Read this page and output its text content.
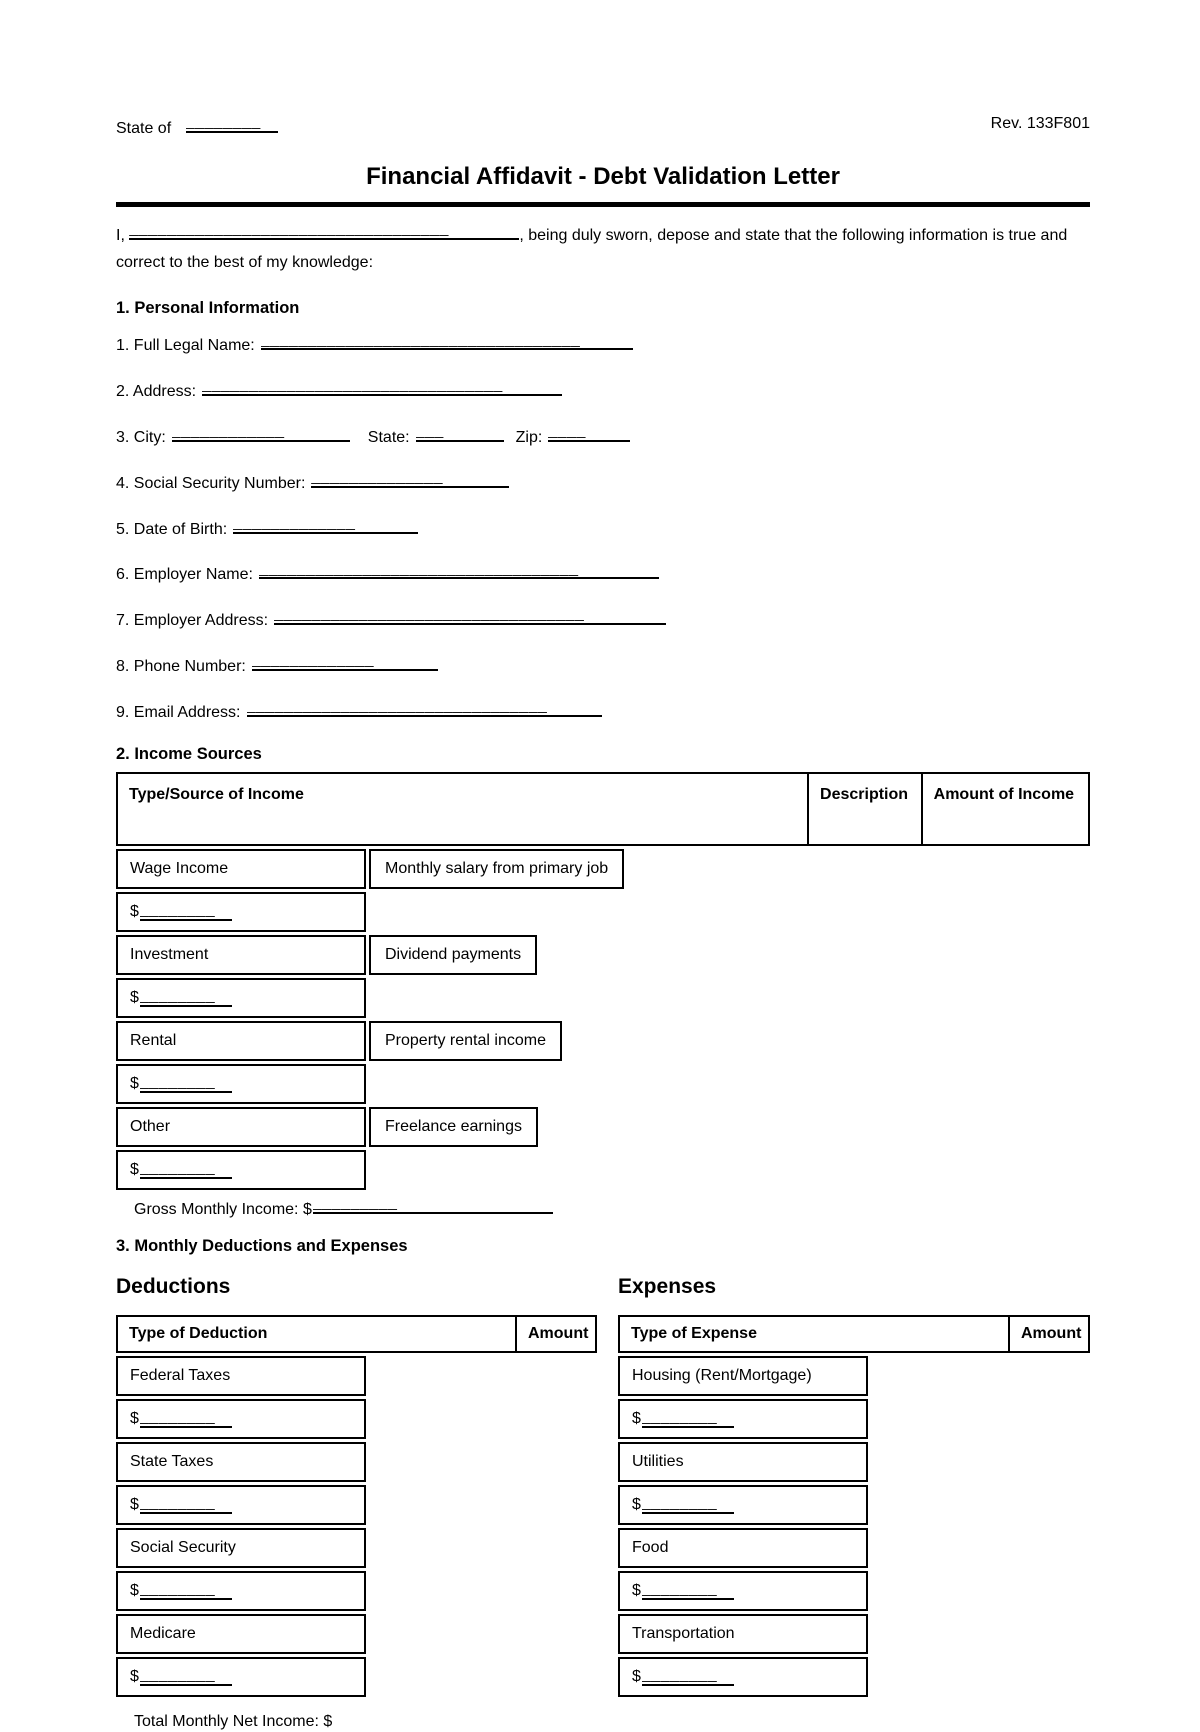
State of ________	Rev. 133F801
Financial Affidavit - Debt Validation Letter

I, __________________________________	, being duly sworn, depose and state that the following information is true and correct to the best of my knowledge:

1. Personal Information

1. Full Legal Name: __________________________________

2. Address: ________________________________

3. City: ____________	State: ___	Zip: ____

4. Social Security Number: ______________

5. Date of Birth: _____________

6. Employer Name: __________________________________

7. Employer Address: _________________________________

8. Phone Number: _____________

9. Email Address: ________________________________

2. Income Sources
Type/Source of Income	Description	Amount of Income
Wage Income	Monthly salary from primary job
$ ________
Investment	Dividend payments
$ ________
Rental	Property rental income
$ ________
Other	Freelance earnings
$ ________

Gross Monthly Income: $_________

3. Monthly Deductions and Expenses
Deductions
Type of Deduction	Amount
Federal Taxes
$ ________
State Taxes
$ ________
Social Security
$ ________
Medicare
$ ________
Expenses
Type of Expense	Amount
Housing (Rent/Mortgage)
$ ________
Utilities
$ ________
Food
$ ________
Transportation
$ ________

Total Monthly Net Income: $
